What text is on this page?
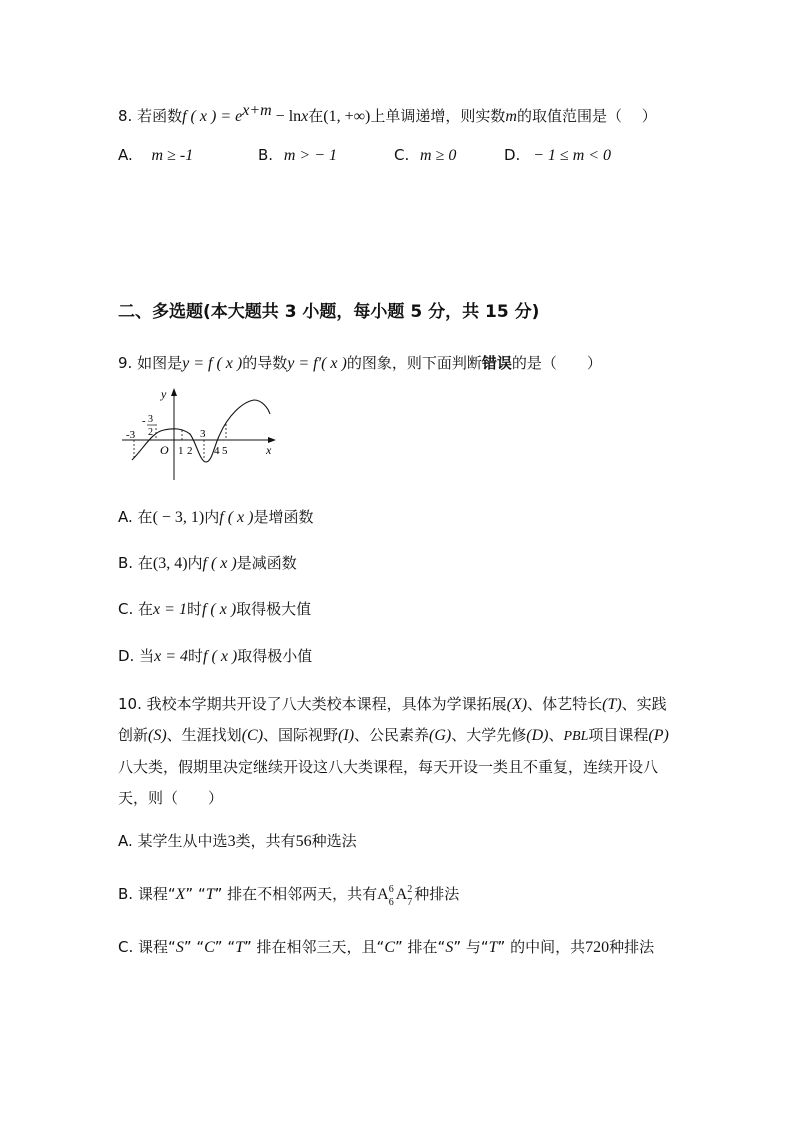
8. 若函数f ( x ) = $e^{x+m} - \ln x$在(1, +∞)上单调递增，则实数m的取值范围是（　 ）
A. m ≥ -1	B. m > − 1	C. m ≥ 0	D. − 1 ≤ m < 0
二、多选题(本大题共 3 小题，每小题 5 分，共 15 分)
9. 如图是y = f ( x )的导数y = f′( x )的图象，则下面判断错误的是（　　）
y
x
O
-3
- 3
2
1 2
3
4 5
A. 在( − 3, 1)内f ( x )是增函数
B. 在(3, 4)内f ( x )是减函数
C. 在x = 1时f ( x )取得极大值
D. 当x = 4时f ( x )取得极小值
10. 我校本学期共开设了八大类校本课程，具体为学课拓展(X)、体艺特长(T)、实践创新(S)、生涯找划(C)、国际视野(I)、公民素养(G)、大学先修(D)、PBL项目课程(P)八大类，假期里决定继续开设这八大类课程，每天开设一类且不重复，连续开设八天，则（　　）
A. 某学生从中选3类，共有56种选法
B. 课程“X” “T” 排在不相邻两天，共有A 6
6 A 2
7 种排法
C. 课程“S” “C” “T” 排在相邻三天，且“C” 排在“S” 与“T” 的中间，共720种排法
